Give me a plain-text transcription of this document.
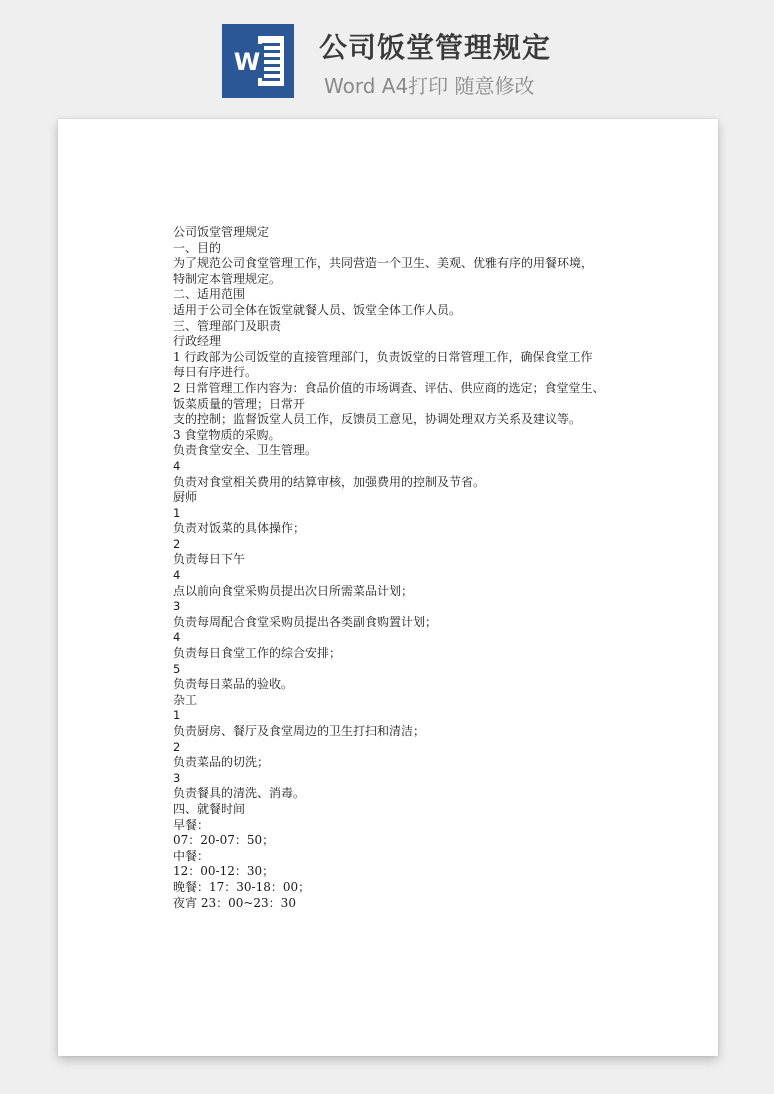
W 公司饭堂管理规定
Word A4打印 随意修改
公司饭堂管理规定
一、目的
为了规范公司食堂管理工作，共同营造一个卫生、美观、优雅有序的用餐环境，
特制定本管理规定。
二、适用范围
适用于公司全体在饭堂就餐人员、饭堂全体工作人员。
三、管理部门及职责
行政经理
1 行政部为公司饭堂的直接管理部门，负责饭堂的日常管理工作，确保食堂工作
每日有序进行。
2 日常管理工作内容为：食品价值的市场调查、评估、供应商的选定；食堂堂生、
饭菜质量的管理；日常开
支的控制；监督饭堂人员工作，反馈员工意见，协调处理双方关系及建议等。
3 食堂物质的采购。
负责食堂安全、卫生管理。
4
负责对食堂相关费用的结算审核，加强费用的控制及节省。
厨师
1
负责对饭菜的具体操作；
2
负责每日下午
4
点以前向食堂采购员提出次日所需菜品计划；
3
负责每周配合食堂采购员提出各类副食购置计划；
4
负责每日食堂工作的综合安排；
5
负责每日菜品的验收。
杂工
1
负责厨房、餐厅及食堂周边的卫生打扫和清洁；
2
负责菜品的切洗；
3
负责餐具的清洗、消毒。
四、就餐时间
早餐：
07：20-07：50；
中餐：
12：00-12：30；
晚餐：17：30-18：00；
夜宵 23：00~23：30
